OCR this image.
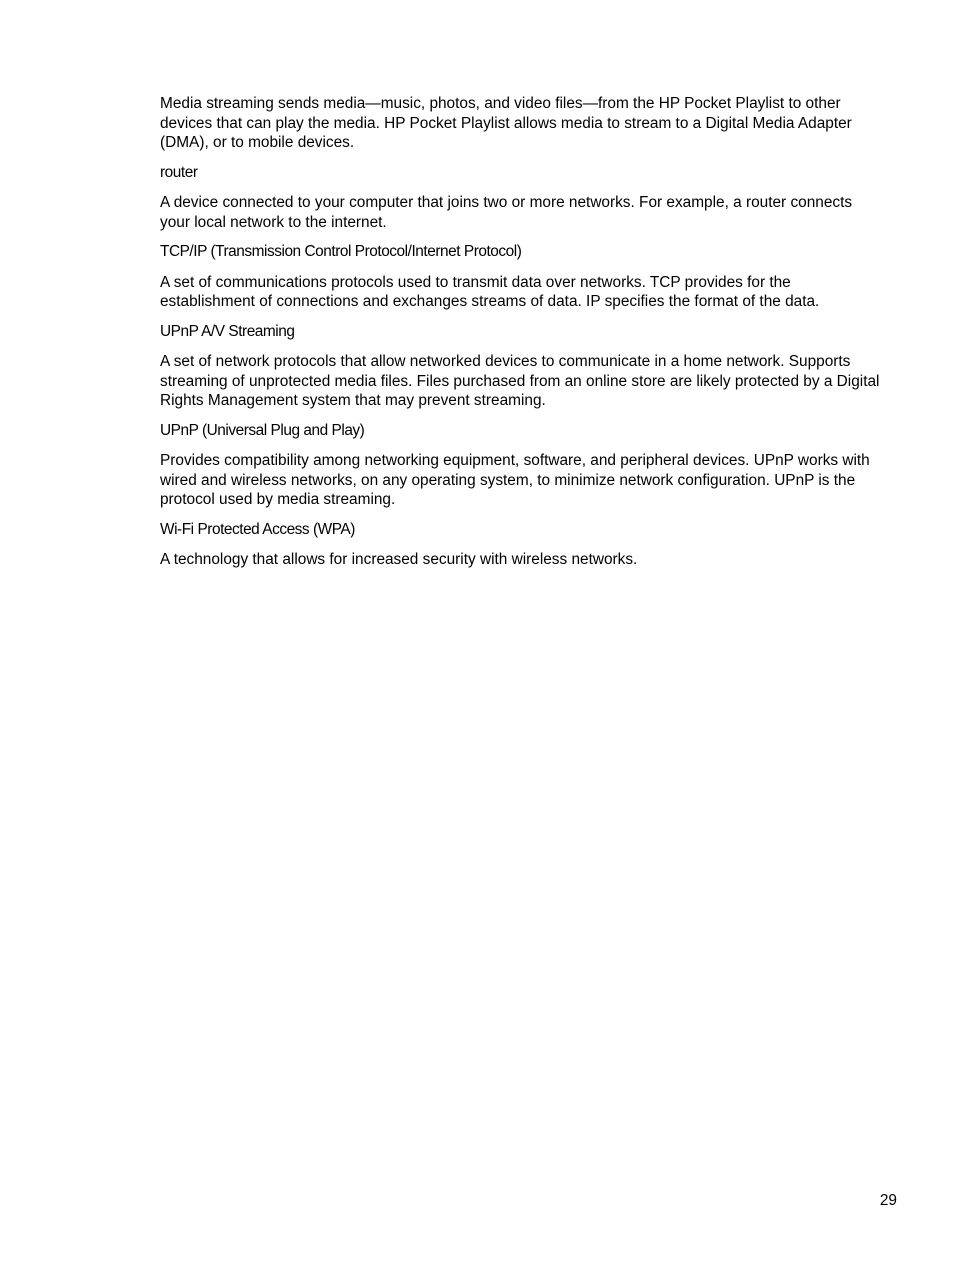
Media streaming sends media—music, photos, and video files—from the HP Pocket Playlist to other devices that can play the media. HP Pocket Playlist allows media to stream to a Digital Media Adapter (DMA), or to mobile devices.

router

A device connected to your computer that joins two or more networks. For example, a router connects your local network to the internet.

TCP/IP (Transmission Control Protocol/Internet Protocol)

A set of communications protocols used to transmit data over networks. TCP provides for the establishment of connections and exchanges streams of data. IP specifies the format of the data.

UPnP A/V Streaming

A set of network protocols that allow networked devices to communicate in a home network. Supports streaming of unprotected media files. Files purchased from an online store are likely protected by a Digital Rights Management system that may prevent streaming.

UPnP (Universal Plug and Play)

Provides compatibility among networking equipment, software, and peripheral devices. UPnP works with wired and wireless networks, on any operating system, to minimize network configuration. UPnP is the protocol used by media streaming.

Wi-Fi Protected Access (WPA)

A technology that allows for increased security with wireless networks.

29
